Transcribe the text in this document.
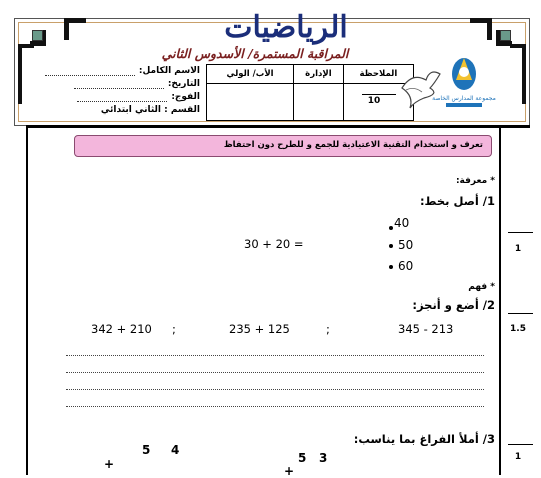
الرياضيات
المراقبة المستمرة/ الأسدوس الثاني
الاسم الكامل:
التاريخ:
الفوج:
القسم : الثاني ابتدائي
الملاحظة	الإدارة	الأب/ الولي

10		
			مجموعة المدارس الخاصة
تعرف و استخدام التقنية الاعتيادية للجمع و للطرح دون احتفاظ
* معرفة:
1/ أصل بخط:
30 + 20 =
40
50
60
1
* فهم
2/ أضع و أنجز:
345 - 213
;
235 + 125
;
342 + 210	1.5
3/ أملأ الفراغ بما يناسب:
1
5 4
+	5 3
+
